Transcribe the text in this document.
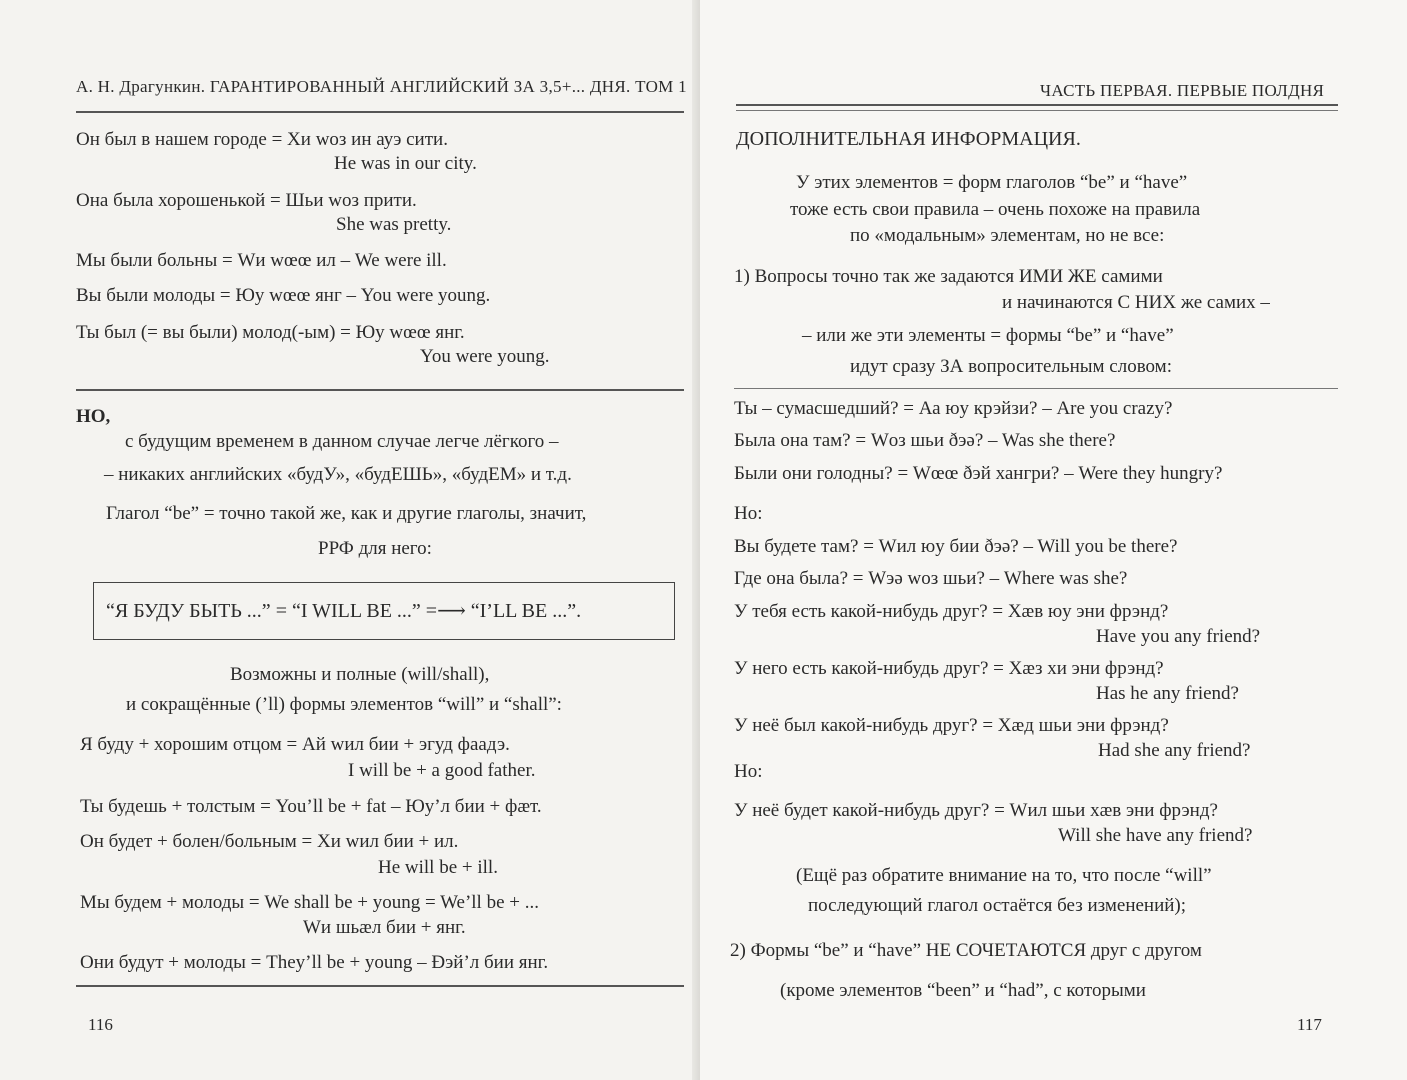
А. Н. Драгункин. ГАРАНТИРОВАННЫЙ АНГЛИЙСКИЙ ЗА 3,5+... ДНЯ. ТОМ 1
Он был в нашем городе = Хи woз ин ауэ сити.
He was in our city.
Она была хорошенькой = Шьи woз прити.
She was pretty.
Мы были больны = Wи wœœ ил – We were ill.
Вы были молоды = Юу wœœ янг – You were young.
Ты был (= вы были) молод(-ым) = Юу wœœ янг.
You were young.
НО,
с будущим временем в данном случае легче лёгкого –
– никаких английских «будУ», «будЕШЬ», «будЕМ» и т.д.
Глагол “be” = точно такой же, как и другие глаголы, значит,
РРФ для него:
“Я БУДУ БЫТЬ ...” = “I WILL BE ...” =⟶ “I’LL BE ...”.
Возможны и полные (will/shall),
и сокращённые (’ll) формы элементов “will” и “shall”:
Я буду + хорошим отцом = Ай wил бии + эгуд фаадэ.
I will be + a good father.
Ты будешь + толстым = You’ll be + fat – Юу’л бии + фæт.
Он будет + болен/больным = Хи wил бии + ил.
He will be + ill.
Мы будем + молоды = We shall be + young = We’ll be + ...
Wи шьæл бии + янг.
Они будут + молоды = They’ll be + young – Ðэй’л бии янг.
116
ЧАСТЬ ПЕРВАЯ. ПЕРВЫЕ ПОЛДНЯ
ДОПОЛНИТЕЛЬНАЯ ИНФОРМАЦИЯ.
У этих элементов = форм глаголов “be” и “have”
тоже есть свои правила – очень похоже на правила
по «модальным» элементам, но не все:
1) Вопросы точно так же задаются ИМИ ЖЕ самими
и начинаются С НИХ же самих –
– или же эти элементы = формы “be” и “have”
идут сразу ЗА вопросительным словом:
Ты – сумасшедший? = Аа юу крэйзи? – Are you crazy?
Была она там? = Wоз шьи ðэə? – Was she there?
Были они голодны? = Wœœ ðэй хангри? – Were they hungry?
Но:
Вы будете там? = Wил юу бии ðэə? – Will you be there?
Где она была? = Wэə woз шьи? – Where was she?
У тебя есть какой-нибудь друг? = Хæв юу эни фрэнд?
Have you any friend?
У него есть какой-нибудь друг? = Хæз хи эни фрэнд?
Has he any friend?
У неё был какой-нибудь друг? = Хæд шьи эни фрэнд?
Had she any friend?
Но:
У неё будет какой-нибудь друг? = Wил шьи хæв эни фрэнд?
Will she have any friend?
(Ещё раз обратите внимание на то, что после “will”
последующий глагол остаётся без изменений);
2) Формы “be” и “have” НЕ СОЧЕТАЮТСЯ друг с другом
(кроме элементов “been” и “had”, с которыми
117
